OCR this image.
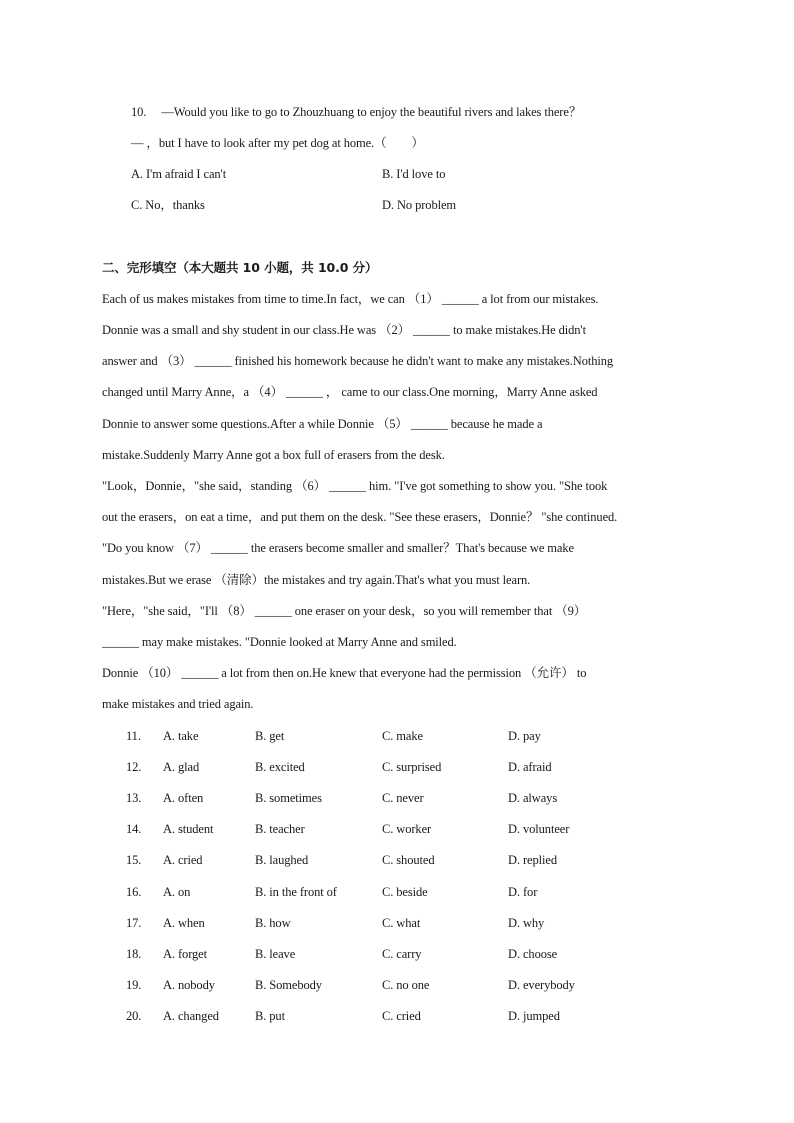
10. —Would you like to go to Zhouzhuang to enjoy the beautiful rivers and lakes there？
— ，but I have to look after my pet dog at home.（　　）
A. I'm afraid I can't	B. I'd love to
C. No，thanks	D. No problem
二、完形填空（本大题共 10 小题，共 10.0 分）
Each of us makes mistakes from time to time.In fact，we can （1） ______ a lot from our mistakes.
Donnie was a small and shy student in our class.He was （2） ______ to make mistakes.He didn't
answer and （3） ______ finished his homework because he didn't want to make any mistakes.Nothing
changed until Marry Anne，a （4） ______ ， came to our class.One morning，Marry Anne asked
Donnie to answer some questions.After a while Donnie （5） ______ because he made a
mistake.Suddenly Marry Anne got a box full of erasers from the desk.
"Look，Donnie，"she said，standing （6） ______ him. "I've got something to show you. "She took
out the erasers，on eat a time，and put them on the desk. "See these erasers，Donnie？ "she continued.
"Do you know （7） ______ the erasers become smaller and smaller？That's because we make
mistakes.But we erase （清除）the mistakes and try again.That's what you must learn.
"Here，"she said，"I'll （8） ______ one eraser on your desk，so you will remember that （9）
______ may make mistakes. "Donnie looked at Marry Anne and smiled.
Donnie （10） ______ a lot from then on.He knew that everyone had the permission （允许） to
make mistakes and tried again.
11. A. take	B. get	C. make	D. pay
12. A. glad	B. excited	C. surprised	D. afraid
13. A. often	B. sometimes	C. never	D. always
14. A. student	B. teacher	C. worker	D. volunteer
15. A. cried	B. laughed	C. shouted	D. replied
16. A. on	B. in the front of	C. beside	D. for
17. A. when	B. how	C. what	D. why
18. A. forget	B. leave	C. carry	D. choose
19. A. nobody	B. Somebody	C. no one	D. everybody
20. A. changed	B. put	C. cried	D. jumped
